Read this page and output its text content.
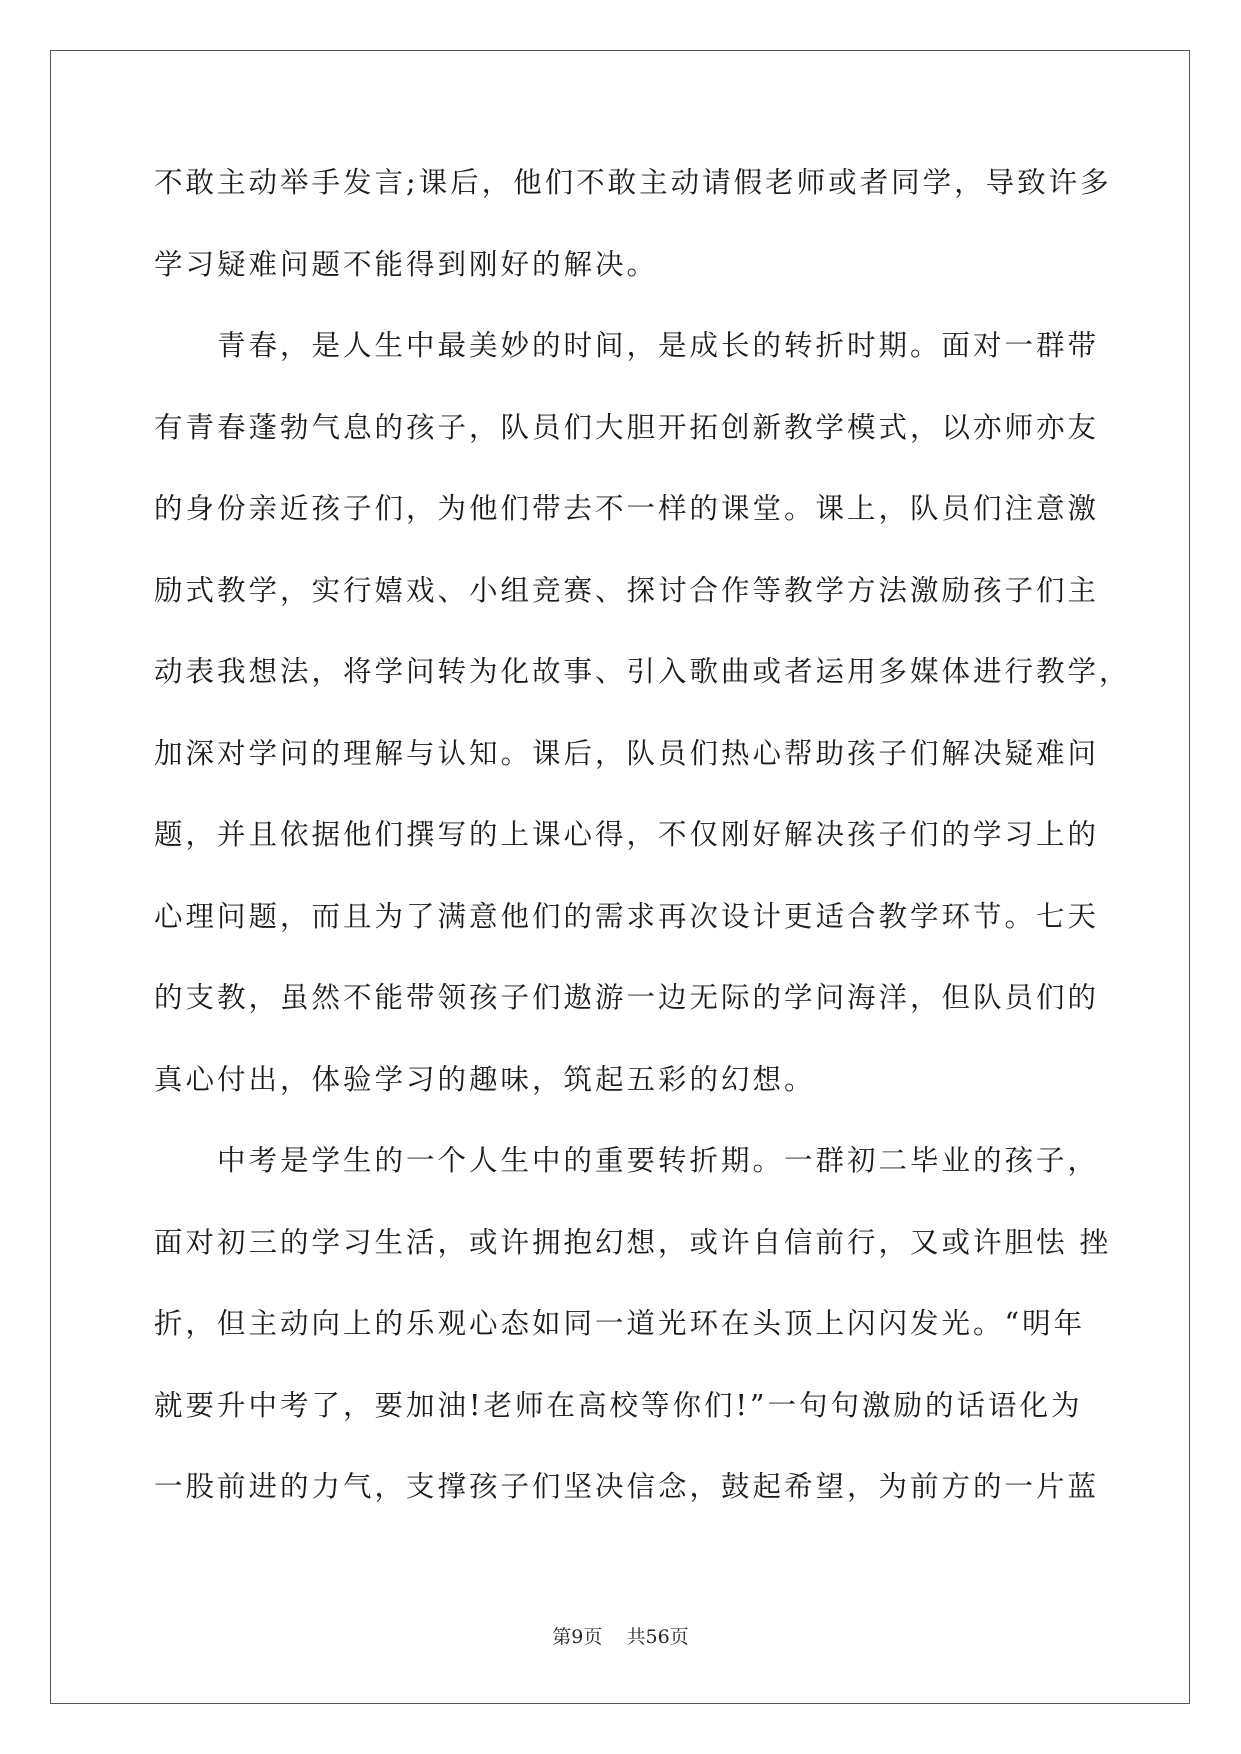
不敢主动举手发言;课后，他们不敢主动请假老师或者同学，导致许多
学习疑难问题不能得到刚好的解决。
青春，是人生中最美妙的时间，是成长的转折时期。面对一群带
有青春蓬勃气息的孩子，队员们大胆开拓创新教学模式，以亦师亦友
的身份亲近孩子们，为他们带去不一样的课堂。课上，队员们注意激
励式教学，实行嬉戏、小组竞赛、探讨合作等教学方法激励孩子们主
动表我想法，将学问转为化故事、引入歌曲或者运用多媒体进行教学，
加深对学问的理解与认知。课后，队员们热心帮助孩子们解决疑难问
题，并且依据他们撰写的上课心得，不仅刚好解决孩子们的学习上的
心理问题，而且为了满意他们的需求再次设计更适合教学环节。七天
的支教，虽然不能带领孩子们遨游一边无际的学问海洋，但队员们的
真心付出，体验学习的趣味，筑起五彩的幻想。
中考是学生的一个人生中的重要转折期。一群初二毕业的孩子，
面对初三的学习生活，或许拥抱幻想，或许自信前行，又或许胆怯 挫
折，但主动向上的乐观心态如同一道光环在头顶上闪闪发光。“明年
就要升中考了，要加油!老师在高校等你们!”一句句激励的话语化为
一股前进的力气，支撑孩子们坚决信念，鼓起希望，为前方的一片蓝
第9页    共56页
